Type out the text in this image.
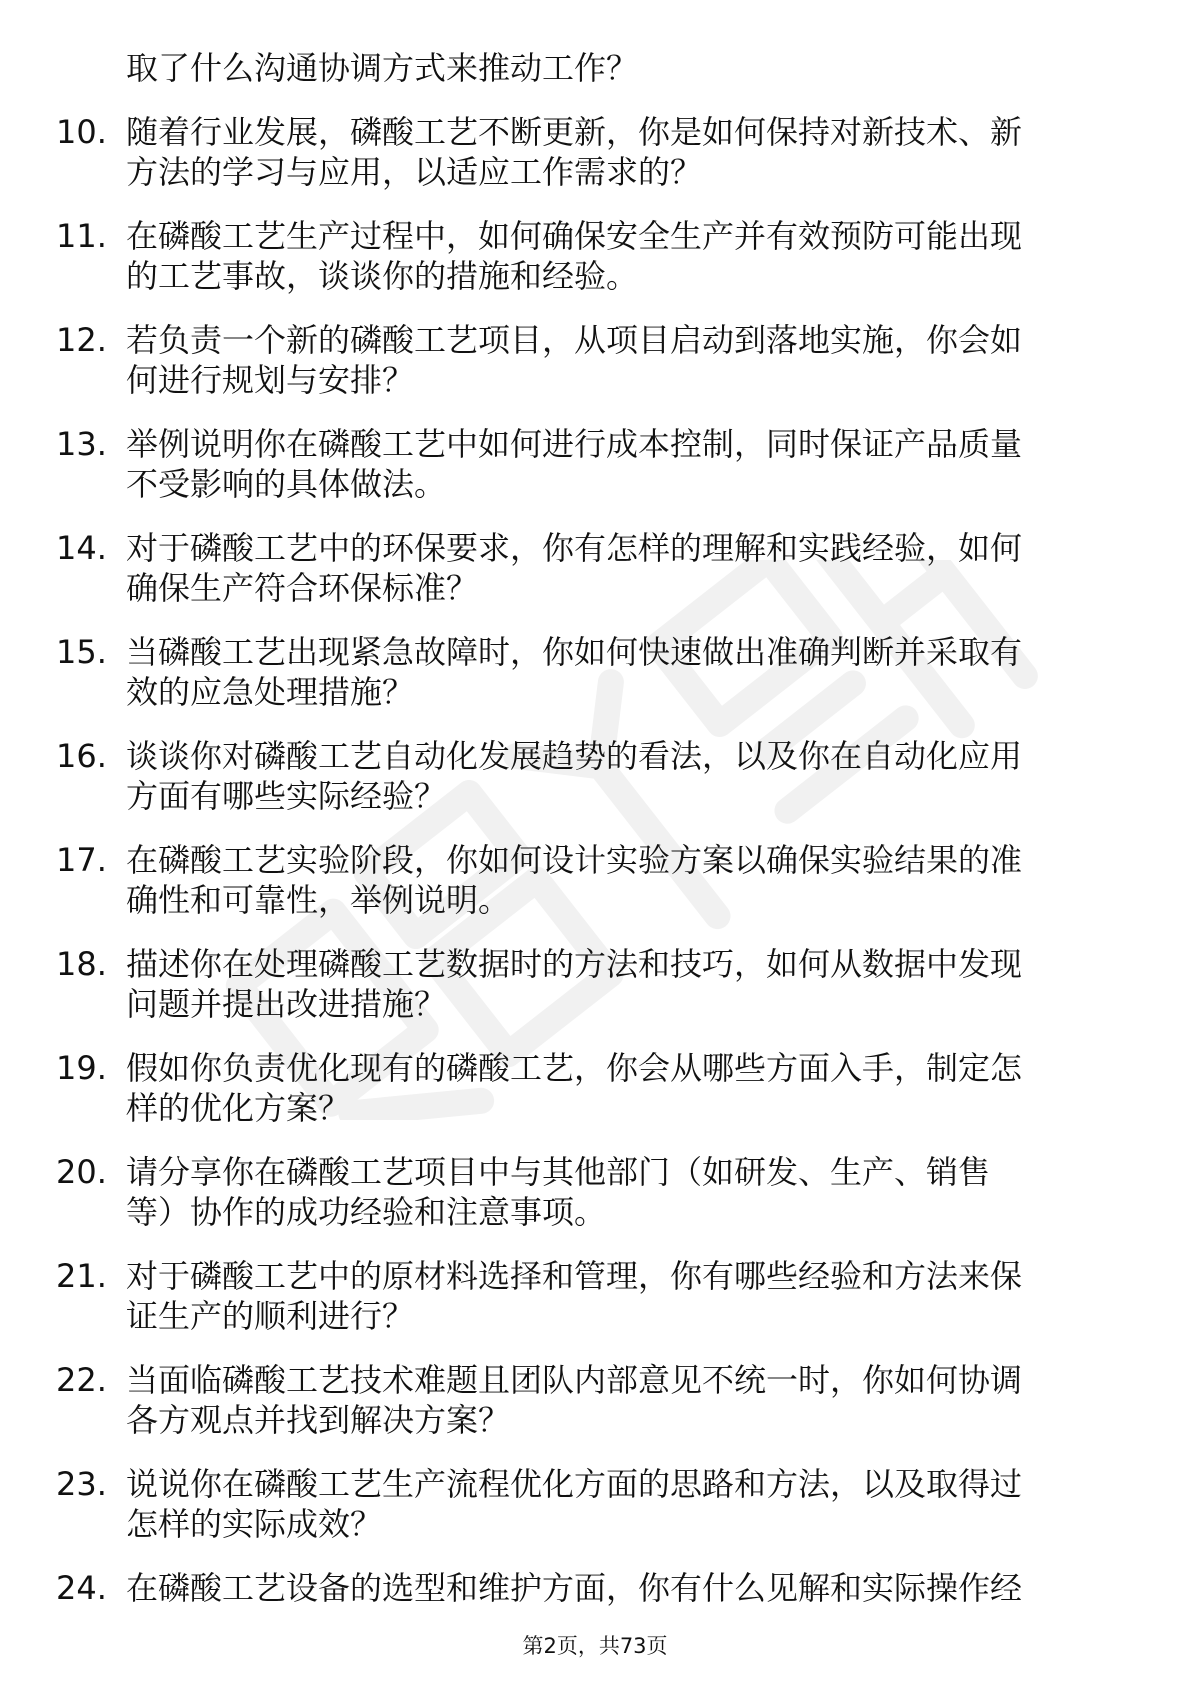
取了什么沟通协调方式来推动工作？
10. 随着行业发展，磷酸工艺不断更新，你是如何保持对新技术、新
方法的学习与应用，以适应工作需求的？
11. 在磷酸工艺生产过程中，如何确保安全生产并有效预防可能出现
的工艺事故，谈谈你的措施和经验。
12. 若负责一个新的磷酸工艺项目，从项目启动到落地实施，你会如
何进行规划与安排？
13. 举例说明你在磷酸工艺中如何进行成本控制，同时保证产品质量
不受影响的具体做法。
14. 对于磷酸工艺中的环保要求，你有怎样的理解和实践经验，如何
确保生产符合环保标准？
15. 当磷酸工艺出现紧急故障时，你如何快速做出准确判断并采取有
效的应急处理措施？
16. 谈谈你对磷酸工艺自动化发展趋势的看法，以及你在自动化应用
方面有哪些实际经验？
17. 在磷酸工艺实验阶段，你如何设计实验方案以确保实验结果的准
确性和可靠性，举例说明。
18. 描述你在处理磷酸工艺数据时的方法和技巧，如何从数据中发现
问题并提出改进措施？
19. 假如你负责优化现有的磷酸工艺，你会从哪些方面入手，制定怎
样的优化方案？
20. 请分享你在磷酸工艺项目中与其他部门（如研发、生产、销售
等）协作的成功经验和注意事项。
21. 对于磷酸工艺中的原材料选择和管理，你有哪些经验和方法来保
证生产的顺利进行？
22. 当面临磷酸工艺技术难题且团队内部意见不统一时，你如何协调
各方观点并找到解决方案？
23. 说说你在磷酸工艺生产流程优化方面的思路和方法，以及取得过
怎样的实际成效？
24. 在磷酸工艺设备的选型和维护方面，你有什么见解和实际操作经
第2页，共73页
